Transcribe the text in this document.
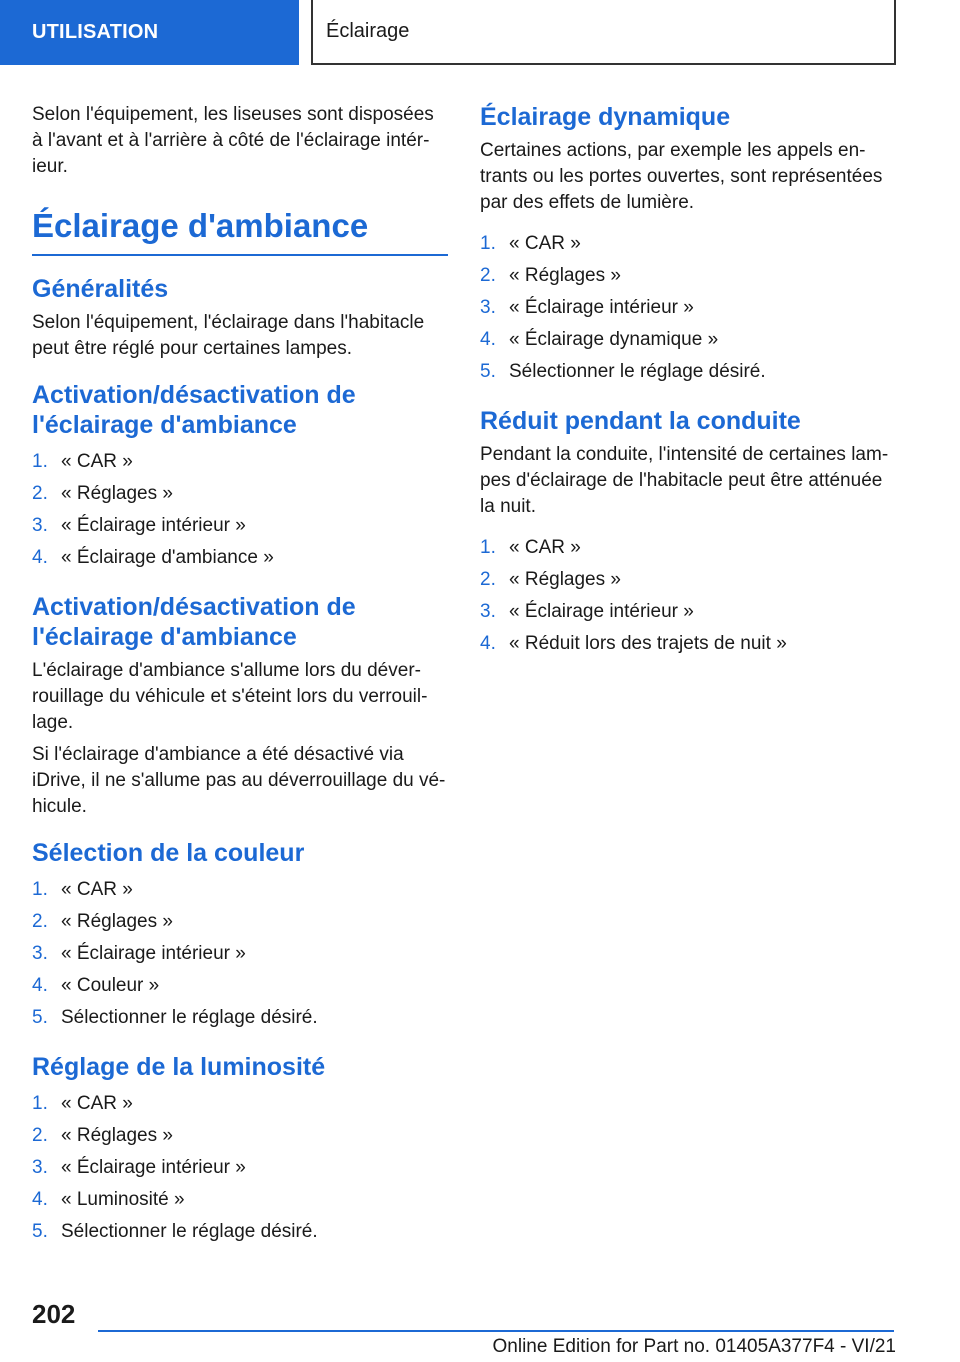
UTILISATION	Éclairage

Selon l'équipement, les liseuses sont disposées à l'avant et à l'arrière à côté de l'éclairage intér-ieur.

Éclairage d'ambiance
Généralités

Selon l'équipement, l'éclairage dans l'habitacle peut être réglé pour certaines lampes.

Activation/désactivation de l'éclairage d'ambiance
1. « CAR »
2. « Réglages »
3. « Éclairage intérieur »
4. « Éclairage d'ambiance »
Activation/désactivation de l'éclairage d'ambiance

L'éclairage d'ambiance s'allume lors du déver-rouillage du véhicule et s'éteint lors du verrouil-lage.

Si l'éclairage d'ambiance a été désactivé via iDrive, il ne s'allume pas au déverrouillage du vé-hicule.

Sélection de la couleur
1. « CAR »
2. « Réglages »
3. « Éclairage intérieur »
4. « Couleur »
5. Sélectionner le réglage désiré.
Réglage de la luminosité
1. « CAR »
2. « Réglages »
3. « Éclairage intérieur »
4. « Luminosité »
5. Sélectionner le réglage désiré.
Éclairage dynamique

Certaines actions, par exemple les appels en-trants ou les portes ouvertes, sont représentées par des effets de lumière.

1. « CAR »
2. « Réglages »
3. « Éclairage intérieur »
4. « Éclairage dynamique »
5. Sélectionner le réglage désiré.
Réduit pendant la conduite

Pendant la conduite, l'intensité de certaines lam-pes d'éclairage de l'habitacle peut être atténuée la nuit.

1. « CAR »
2. « Réglages »
3. « Éclairage intérieur »
4. « Réduit lors des trajets de nuit »
202
Online Edition for Part no. 01405A377F4 - VI/21
